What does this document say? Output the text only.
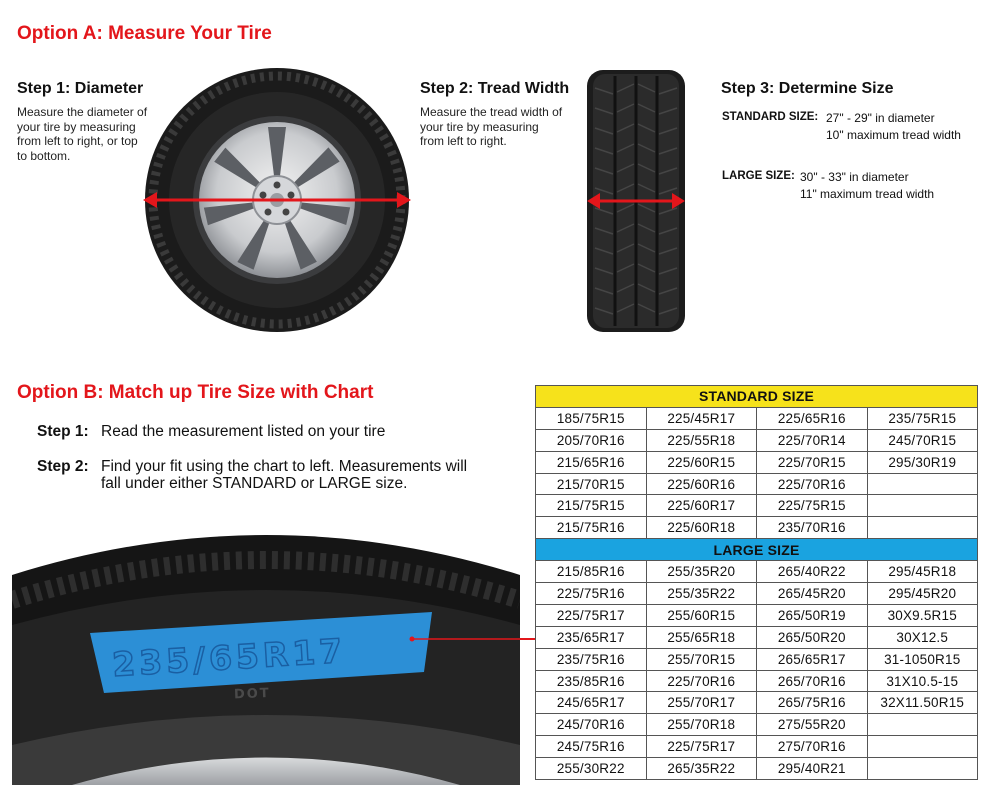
Option A: Measure Your Tire
Step 1: Diameter
Measure the diameter of
your tire by measuring
from left to right, or top
to bottom.
Step 2: Tread Width
Measure the tread width of
your tire by measuring
from left to right.
Step 3: Determine Size
STANDARD SIZE: 27" - 29" in diameter
10" maximum tread width
LARGE SIZE: 30" - 33" in diameter
11" maximum tread width
Option B: Match up Tire Size with Chart
Step 1: Read the measurement listed on your tire
Step 2: Find your fit using the chart to left. Measurements will
fall under either STANDARD or LARGE size.
235/65R17
DOT
STANDARD SIZE			
185/75R15	225/45R17	225/65R16	235/75R15
205/70R16	225/55R18	225/70R14	245/70R15
215/65R16	225/60R15	225/70R15	295/30R19
215/70R15	225/60R16	225/70R16	
215/75R15	225/60R17	225/75R15	
215/75R16	225/60R18	235/70R16	
LARGE SIZE			
215/85R16	255/35R20	265/40R22	295/45R18
225/75R16	255/35R22	265/45R20	295/45R20
225/75R17	255/60R15	265/50R19	30X9.5R15
235/65R17	255/65R18	265/50R20	30X12.5
235/75R16	255/70R15	265/65R17	31-1050R15
235/85R16	225/70R16	265/70R16	31X10.5-15
245/65R17	255/70R17	265/75R16	32X11.50R15
245/70R16	255/70R18	275/55R20	
245/75R16	225/75R17	275/70R16	
255/30R22	265/35R22	295/40R21	
